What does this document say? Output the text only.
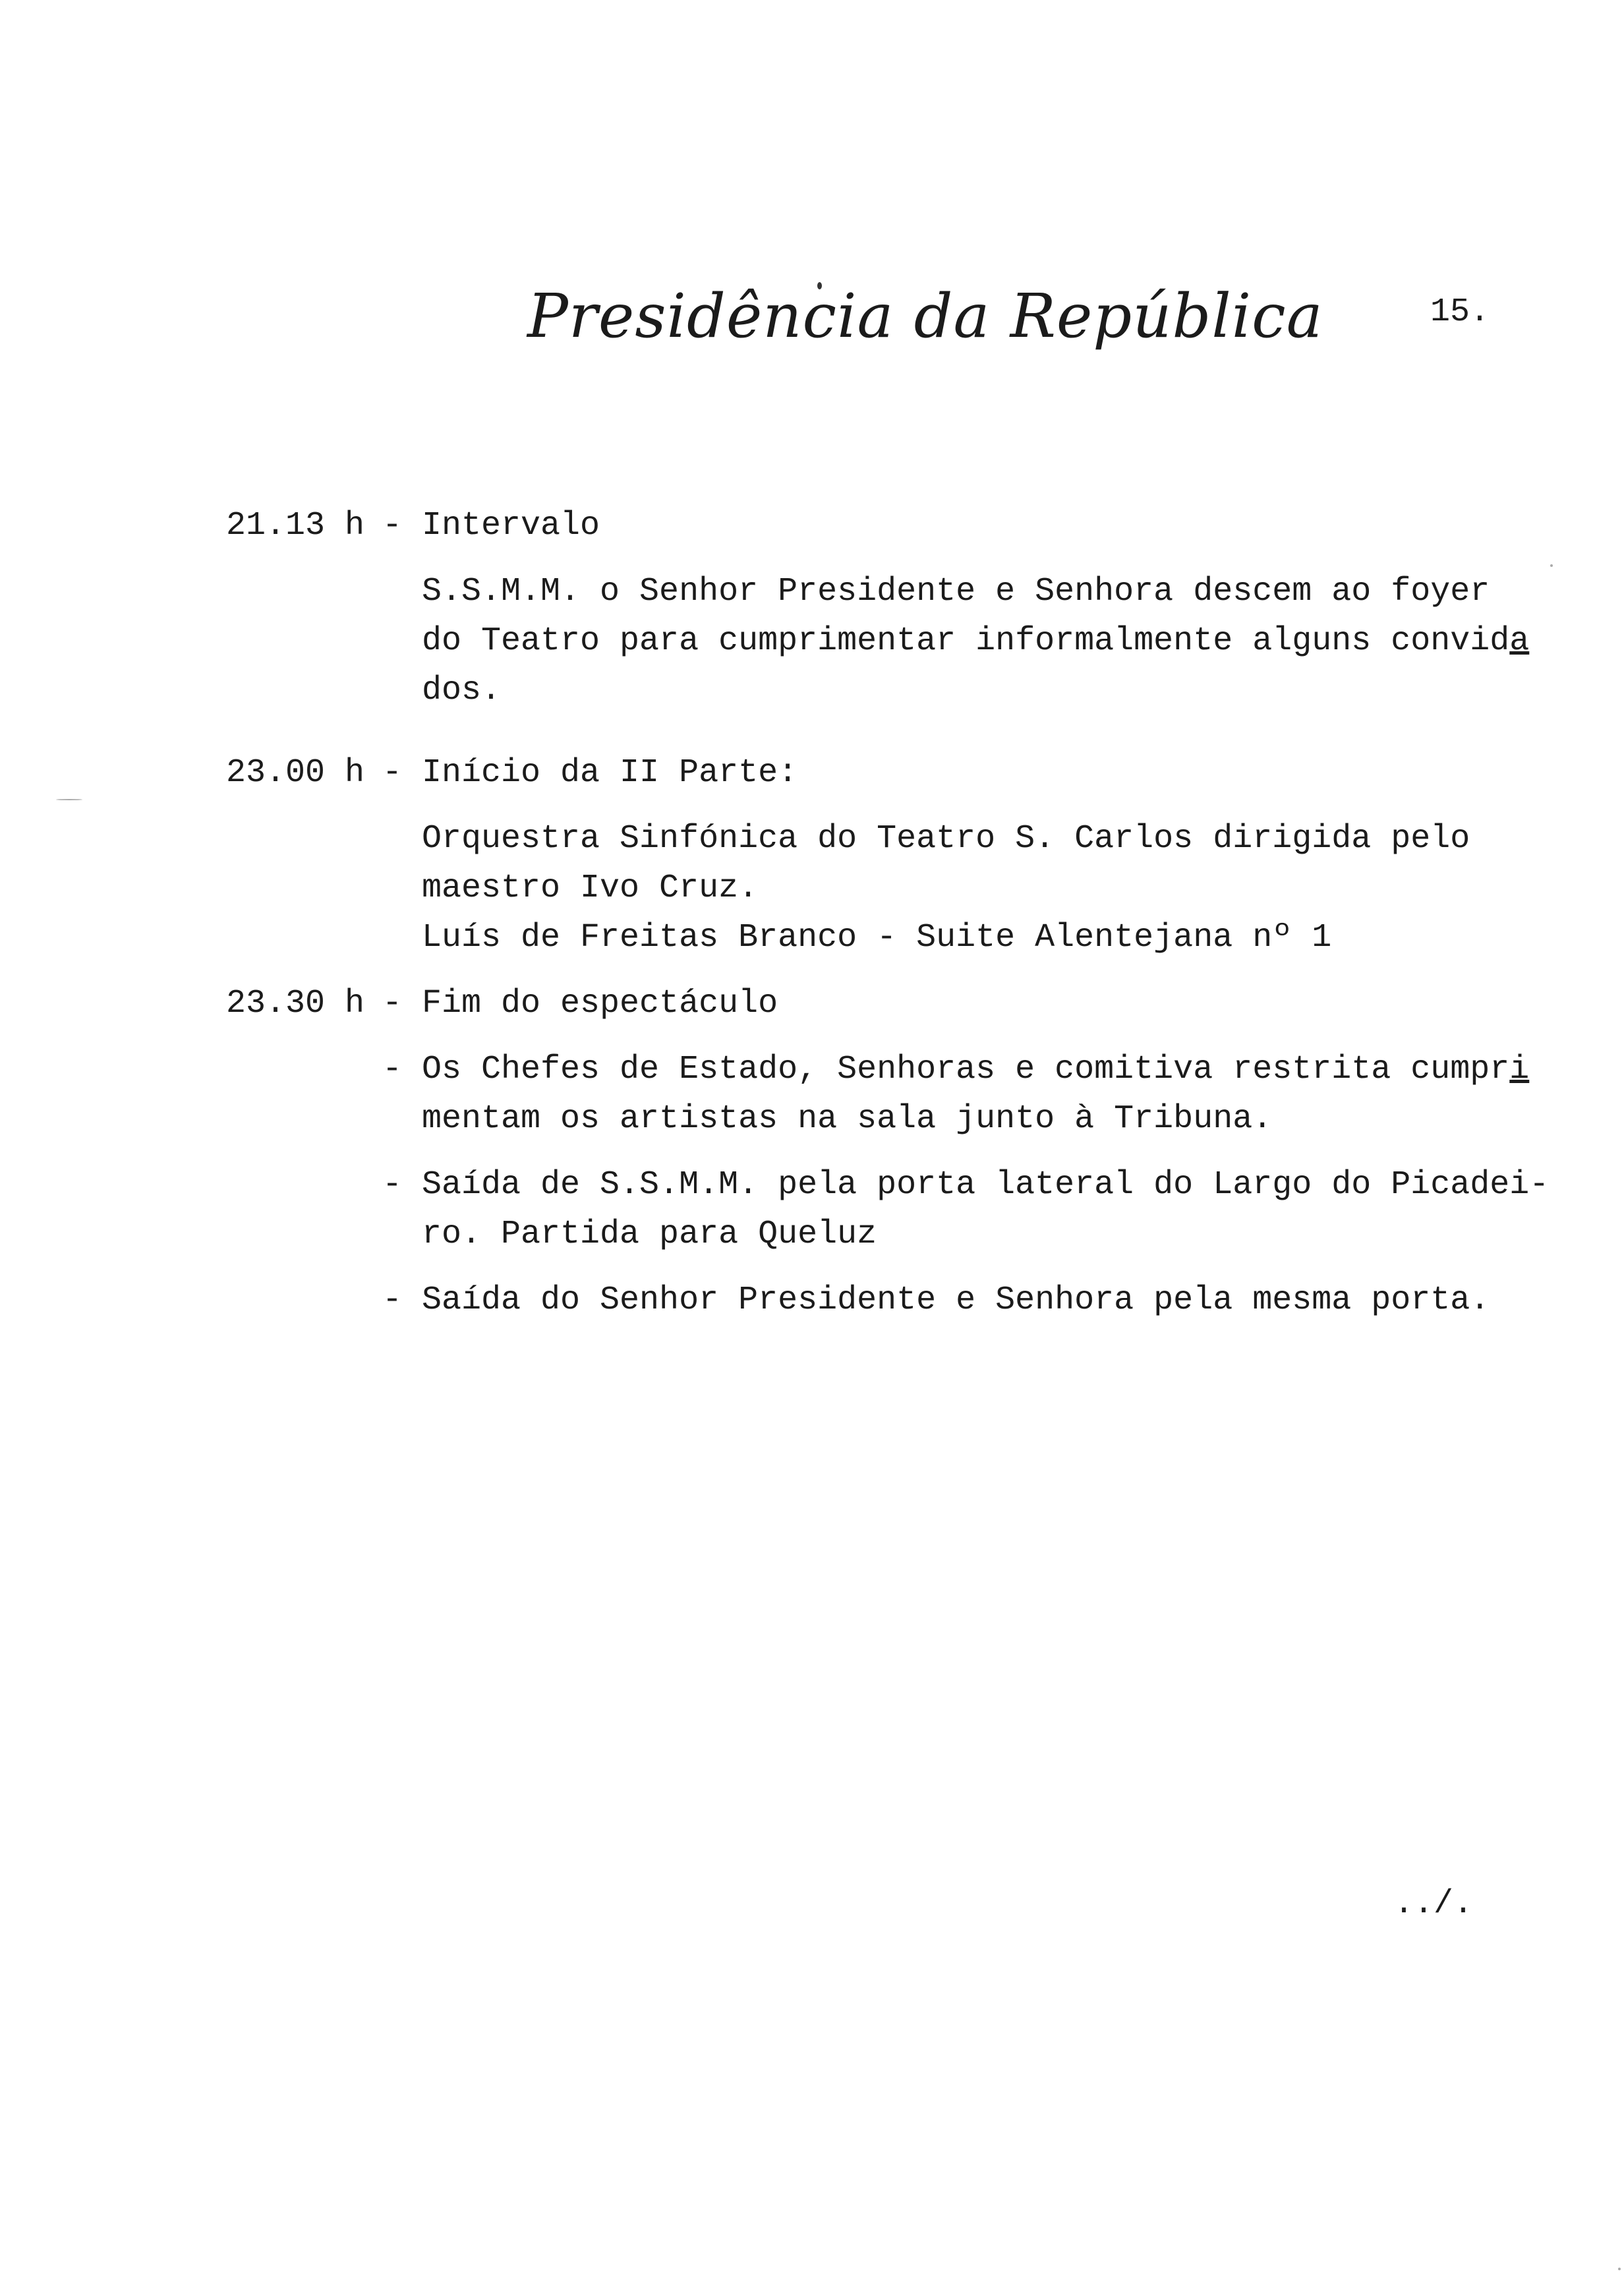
Presidência da República	15.
21.13 h - Intervalo
S.S.M.M. o Senhor Presidente e Senhora descem ao foyer
do Teatro para cumprimentar informalmente alguns convida
dos.
23.00 h - Início da II Parte:
Orquestra Sinfónica do Teatro S. Carlos dirigida pelo
maestro Ivo Cruz.
Luís de Freitas Branco - Suite Alentejana nº 1
23.30 h - Fim do espectáculo
- Os Chefes de Estado, Senhoras e comitiva restrita cumpri
mentam os artistas na sala junto à Tribuna.
- Saída de S.S.M.M. pela porta lateral do Largo do Picadei-
ro. Partida para Queluz
- Saída do Senhor Presidente e Senhora pela mesma porta.
../.
